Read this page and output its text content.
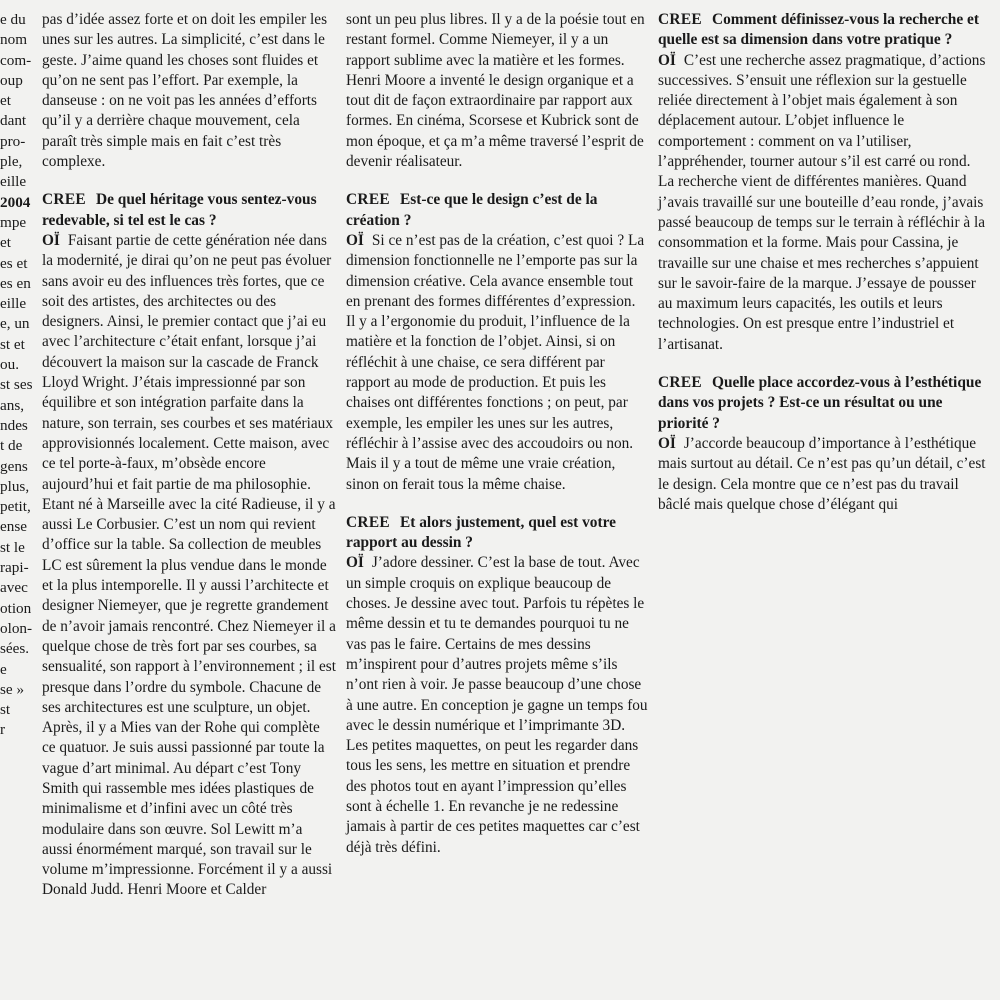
e du
nom
com-
oup
et
dant
pro-
ple,
eille
2004
mpe
et
es et
es en
eille
e, un
st et
ou.
st ses
ans,
ndes
t de
gens
plus,
petit,
ense
st le
rapi-
avec
otion
olon-
sées.
e
se »
st
r

pas d’idée assez forte et on doit les empiler les unes sur les autres. La simplicité, c’est dans le geste. J’aime quand les choses sont fluides et qu’on ne sent pas l’effort. Par exemple, la danseuse : on ne voit pas les années d’efforts qu’il y a derrière chaque mouvement, cela paraît très simple mais en fait c’est très complexe.

CREE De quel héritage vous sentez-vous redevable, si tel est le cas ?

OÏ Faisant partie de cette génération née dans la modernité, je dirai qu’on ne peut pas évoluer sans avoir eu des influences très fortes, que ce soit des artistes, des architectes ou des designers. Ainsi, le premier contact que j’ai eu avec l’architecture c’était enfant, lorsque j’ai découvert la maison sur la cascade de Franck Lloyd Wright. J’étais impressionné par son équilibre et son intégration parfaite dans la nature, son terrain, ses courbes et ses matériaux approvisionnés localement. Cette maison, avec ce tel porte-à-faux, m’obsède encore aujourd’hui et fait partie de ma philosophie. Etant né à Marseille avec la cité Radieuse, il y a aussi Le Corbusier. C’est un nom qui revient d’office sur la table. Sa collection de meubles LC est sûrement la plus vendue dans le monde et la plus intemporelle. Il y aussi l’architecte et designer Niemeyer, que je regrette grandement de n’avoir jamais rencontré. Chez Niemeyer il a quelque chose de très fort par ses courbes, sa sensualité, son rapport à l’environnement ; il est presque dans l’ordre du symbole. Chacune de ses architectures est une sculpture, un objet. Après, il y a Mies van der Rohe qui complète ce quatuor. Je suis aussi passionné par toute la vague d’art minimal. Au départ c’est Tony Smith qui rassemble mes idées plastiques de minimalisme et d’infini avec un côté très modulaire dans son œuvre. Sol Lewitt m’a aussi énormément marqué, son travail sur le volume m’impressionne. Forcément il y a aussi Donald Judd. Henri Moore et Calder

sont un peu plus libres. Il y a de la poésie tout en restant formel. Comme Niemeyer, il y a un rapport sublime avec la matière et les formes. Henri Moore a inventé le design organique et a tout dit de façon extraordinaire par rapport aux formes. En cinéma, Scorsese et Kubrick sont de mon époque, et ça m’a même traversé l’esprit de devenir réalisateur.

CREE Est-ce que le design c’est de la création ?

OÏ Si ce n’est pas de la création, c’est quoi ? La dimension fonctionnelle ne l’emporte pas sur la dimension créative. Cela avance ensemble tout en prenant des formes différentes d’expression. Il y a l’ergonomie du produit, l’influence de la matière et la fonction de l’objet. Ainsi, si on réfléchit à une chaise, ce sera différent par rapport au mode de production. Et puis les chaises ont différentes fonctions ; on peut, par exemple, les empiler les unes sur les autres, réfléchir à l’assise avec des accoudoirs ou non. Mais il y a tout de même une vraie création, sinon on ferait tous la même chaise.

CREE Et alors justement, quel est votre rapport au dessin ?

OÏ J’adore dessiner. C’est la base de tout. Avec un simple croquis on explique beaucoup de choses. Je dessine avec tout. Parfois tu répètes le même dessin et tu te demandes pourquoi tu ne vas pas le faire. Certains de mes dessins m’inspirent pour d’autres projets même s’ils n’ont rien à voir. Je passe beaucoup d’une chose à une autre. En conception je gagne un temps fou avec le dessin numérique et l’imprimante 3D. Les petites maquettes, on peut les regarder dans tous les sens, les mettre en situation et prendre des photos tout en ayant l’impression qu’elles sont à échelle 1. En revanche je ne redessine jamais à partir de ces petites maquettes car c’est déjà très défini.

CREE Comment définissez-vous la recherche et quelle est sa dimension dans votre pratique ?

OÏ C’est une recherche assez pragmatique, d’actions successives. S’ensuit une réflexion sur la gestuelle reliée directement à l’objet mais également à son déplacement autour. L’objet influence le comportement : comment on va l’utiliser, l’appréhender, tourner autour s’il est carré ou rond. La recherche vient de différentes manières. Quand j’avais travaillé sur une bouteille d’eau ronde, j’avais passé beaucoup de temps sur le terrain à réfléchir à la consommation et la forme. Mais pour Cassina, je travaille sur une chaise et mes recherches s’appuient sur le savoir-faire de la marque. J’essaye de pousser au maximum leurs capacités, les outils et leurs technologies. On est presque entre l’industriel et l’artisanat.

CREE Quelle place accordez-vous à l’esthétique dans vos projets ? Est-ce un résultat ou une priorité ?

OÏ J’accorde beaucoup d’importance à l’esthétique mais surtout au détail. Ce n’est pas qu’un détail, c’est le design. Cela montre que ce n’est pas du travail bâclé mais quelque chose d’élégant qui
